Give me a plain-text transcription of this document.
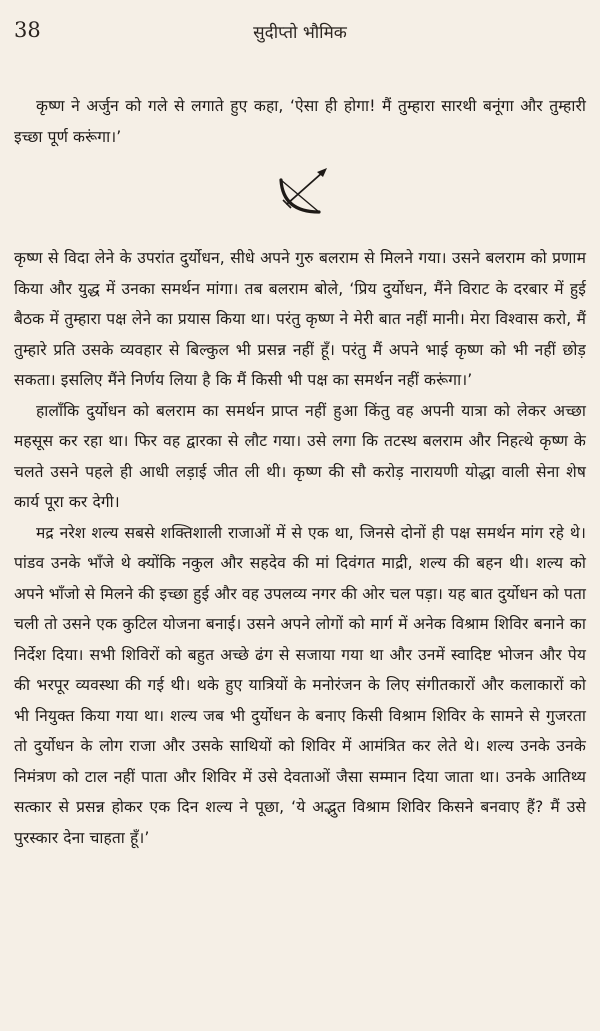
38	सुदीप्तो भौमिक

कृष्ण ने अर्जुन को गले से लगाते हुए कहा, ‘ऐसा ही होगा! मैं तुम्हारा सारथी बनूंगा और तुम्हारी इच्छा पूर्ण करूंगा।’

कृष्ण से विदा लेने के उपरांत दुर्योधन, सीधे अपने गुरु बलराम से मिलने गया। उसने बलराम को प्रणाम किया और युद्ध में उनका समर्थन मांगा। तब बलराम बोले, ‘प्रिय दुर्योधन, मैंने विराट के दरबार में हुई बैठक में तुम्हारा पक्ष लेने का प्रयास किया था। परंतु कृष्ण ने मेरी बात नहीं मानी। मेरा विश्वास करो, मैं तुम्हारे प्रति उसके व्यवहार से बिल्कुल भी प्रसन्न नहीं हूँ। परंतु मैं अपने भाई कृष्ण को भी नहीं छोड़ सकता। इसलिए मैंने निर्णय लिया है कि मैं किसी भी पक्ष का समर्थन नहीं करूंगा।’

हालाँकि दुर्योधन को बलराम का समर्थन प्राप्त नहीं हुआ किंतु वह अपनी यात्रा को लेकर अच्छा महसूस कर रहा था। फिर वह द्वारका से लौट गया। उसे लगा कि तटस्थ बलराम और निहत्थे कृष्ण के चलते उसने पहले ही आधी लड़ाई जीत ली थी। कृष्ण की सौ करोड़ नारायणी योद्धा वाली सेना शेष कार्य पूरा कर देगी।

मद्र नरेश शल्य सबसे शक्तिशाली राजाओं में से एक था, जिनसे दोनों ही पक्ष समर्थन मांग रहे थे। पांडव उनके भाँजे थे क्योंकि नकुल और सहदेव की मां दिवंगत माद्री, शल्य की बहन थी। शल्य को अपने भाँजो से मिलने की इच्छा हुई और वह उपलव्य नगर की ओर चल पड़ा। यह बात दुर्योधन को पता चली तो उसने एक कुटिल योजना बनाई। उसने अपने लोगों को मार्ग में अनेक विश्राम शिविर बनाने का निर्देश दिया। सभी शिविरों को बहुत अच्छे ढंग से सजाया गया था और उनमें स्वादिष्ट भोजन और पेय की भरपूर व्यवस्था की गई थी। थके हुए यात्रियों के मनोरंजन के लिए संगीतकारों और कलाकारों को भी नियुक्त किया गया था। शल्य जब भी दुर्योधन के बनाए किसी विश्राम शिविर के सामने से गुजरता तो दुर्योधन के लोग राजा और उसके साथियों को शिविर में आमंत्रित कर लेते थे। शल्य उनके उनके निमंत्रण को टाल नहीं पाता और शिविर में उसे देवताओं जैसा सम्मान दिया जाता था। उनके आतिथ्य सत्कार से प्रसन्न होकर एक दिन शल्य ने पूछा, ‘ये अद्भुत विश्राम शिविर किसने बनवाए हैं? मैं उसे पुरस्कार देना चाहता हूँ।’
